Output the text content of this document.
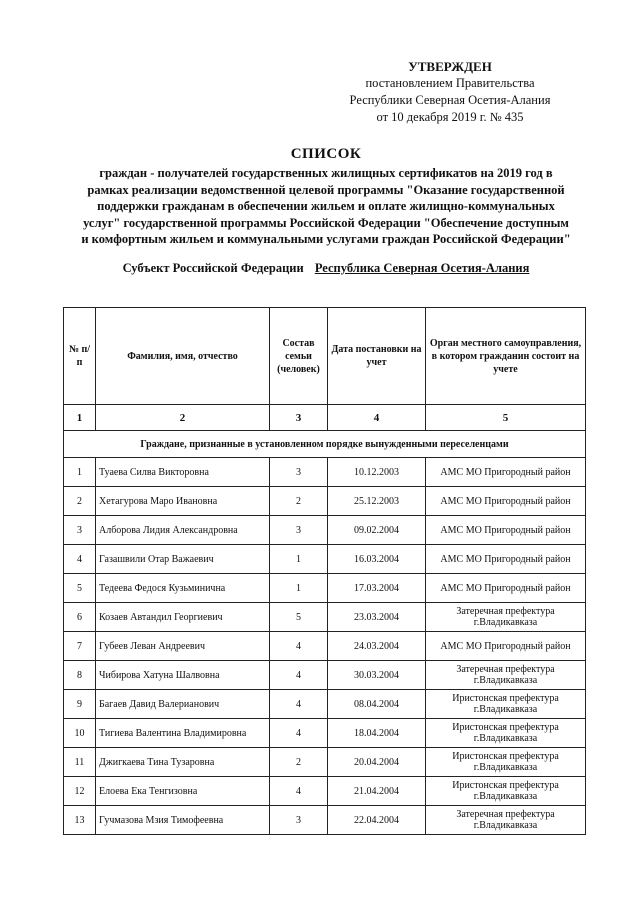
УТВЕРЖДЕН
постановлением Правительства
Республики Северная Осетия-Алания
от 10 декабря 2019 г. № 435
СПИСОК
граждан - получателей государственных жилищных сертификатов на 2019 год в
рамках реализации ведомственной целевой программы "Оказание государственной
поддержки гражданам в обеспечении жильем и оплате жилищно-коммунальных
услуг" государственной программы Российской Федерации "Обеспечение доступным
и комфортным жильем и коммунальными услугами граждан Российской Федерации"
Субъект Российской Федерации Республика Северная Осетия-Алания
№ п/п	Фамилия, имя, отчество	Состав семьи (человек)	Дата постановки на учет	Орган местного самоуправления, в котором гражданин состоит на учете
1	2	3	4	5
Граждане, признанные в установленном порядке вынужденными переселенцами				
1	Туаева Силва Викторовна	3	10.12.2003	АМС МО Пригородный район
2	Хетагурова Маро Ивановна	2	25.12.2003	АМС МО Пригородный район
3	Алборова Лидия Александровна	3	09.02.2004	АМС МО Пригородный район
4	Газашвили Отар Важаевич	1	16.03.2004	АМС МО Пригородный район
5	Тедеева Федося Кузьминична	1	17.03.2004	АМС МО Пригородный район
6	Козаев Автандил Георгиевич	5	23.03.2004	Затеречная префектура г.Владикавказа
7	Губеев Леван Андреевич	4	24.03.2004	АМС МО Пригородный район
8	Чибирова Хатуна Шалвовна	4	30.03.2004	Затеречная префектура г.Владикавказа
9	Багаев Давид Валерианович	4	08.04.2004	Иристонская префектура г.Владикавказа
10	Тигиева Валентина Владимировна	4	18.04.2004	Иристонская префектура г.Владикавказа
11	Джигкаева Тина Тузаровна	2	20.04.2004	Иристонская префектура г.Владикавказа
12	Елоева Ека Тенгизовна	4	21.04.2004	Иристонская префектура г.Владикавказа
13	Гучмазова Мзия Тимофеевна	3	22.04.2004	Затеречная префектура г.Владикавказа
